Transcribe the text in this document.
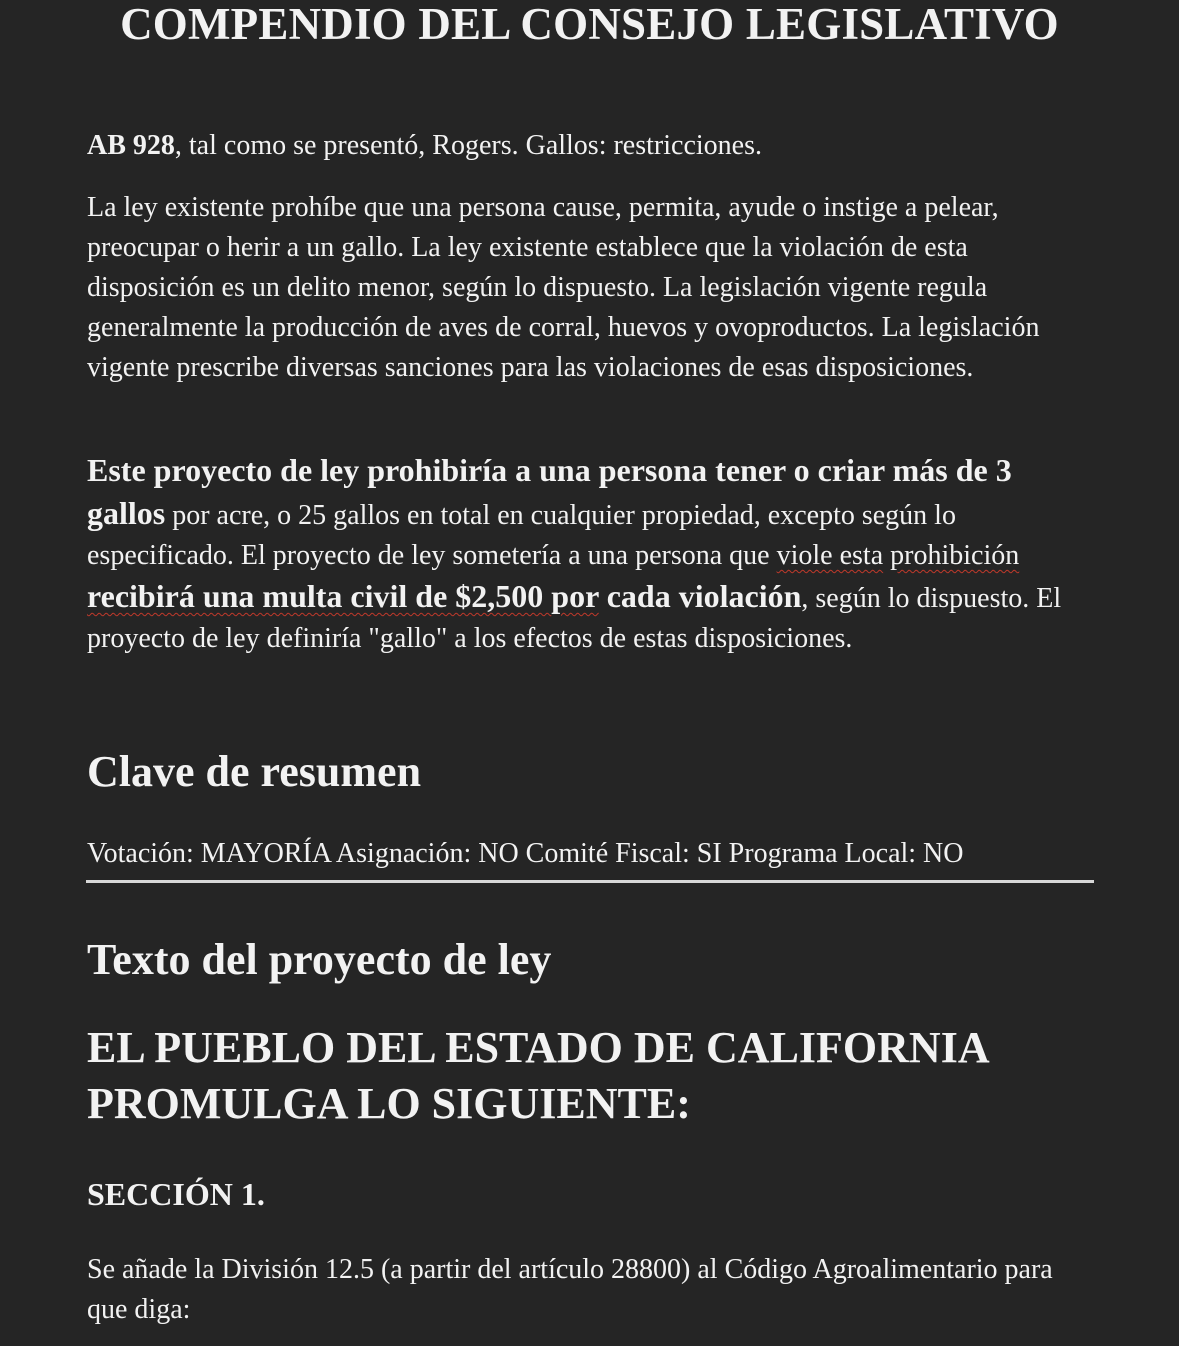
COMPENDIO DEL CONSEJO LEGISLATIVO

AB 928, tal como se presentó, Rogers. Gallos: restricciones.

La ley existente prohíbe que una persona cause, permita, ayude o instige a pelear, preocupar o herir a un gallo. La ley existente establece que la violación de esta disposición es un delito menor, según lo dispuesto. La legislación vigente regula generalmente la producción de aves de corral, huevos y ovoproductos. La legislación vigente prescribe diversas sanciones para las violaciones de esas disposiciones.

Este proyecto de ley prohibiría a una persona tener o criar más de 3 gallos por acre, o 25 gallos en total en cualquier propiedad, excepto según lo especificado. El proyecto de ley sometería a una persona que viole esta prohibición recibirá una multa civil de $2,500 por cada violación, según lo dispuesto. El proyecto de ley definiría "gallo" a los efectos de estas disposiciones.

Clave de resumen

Votación: MAYORÍA Asignación: NO Comité Fiscal: SI Programa Local: NO

Texto del proyecto de ley
EL PUEBLO DEL ESTADO DE CALIFORNIA PROMULGA LO SIGUIENTE:
SECCIÓN 1.

Se añade la División 12.5 (a partir del artículo 28800) al Código Agroalimentario para que diga:
